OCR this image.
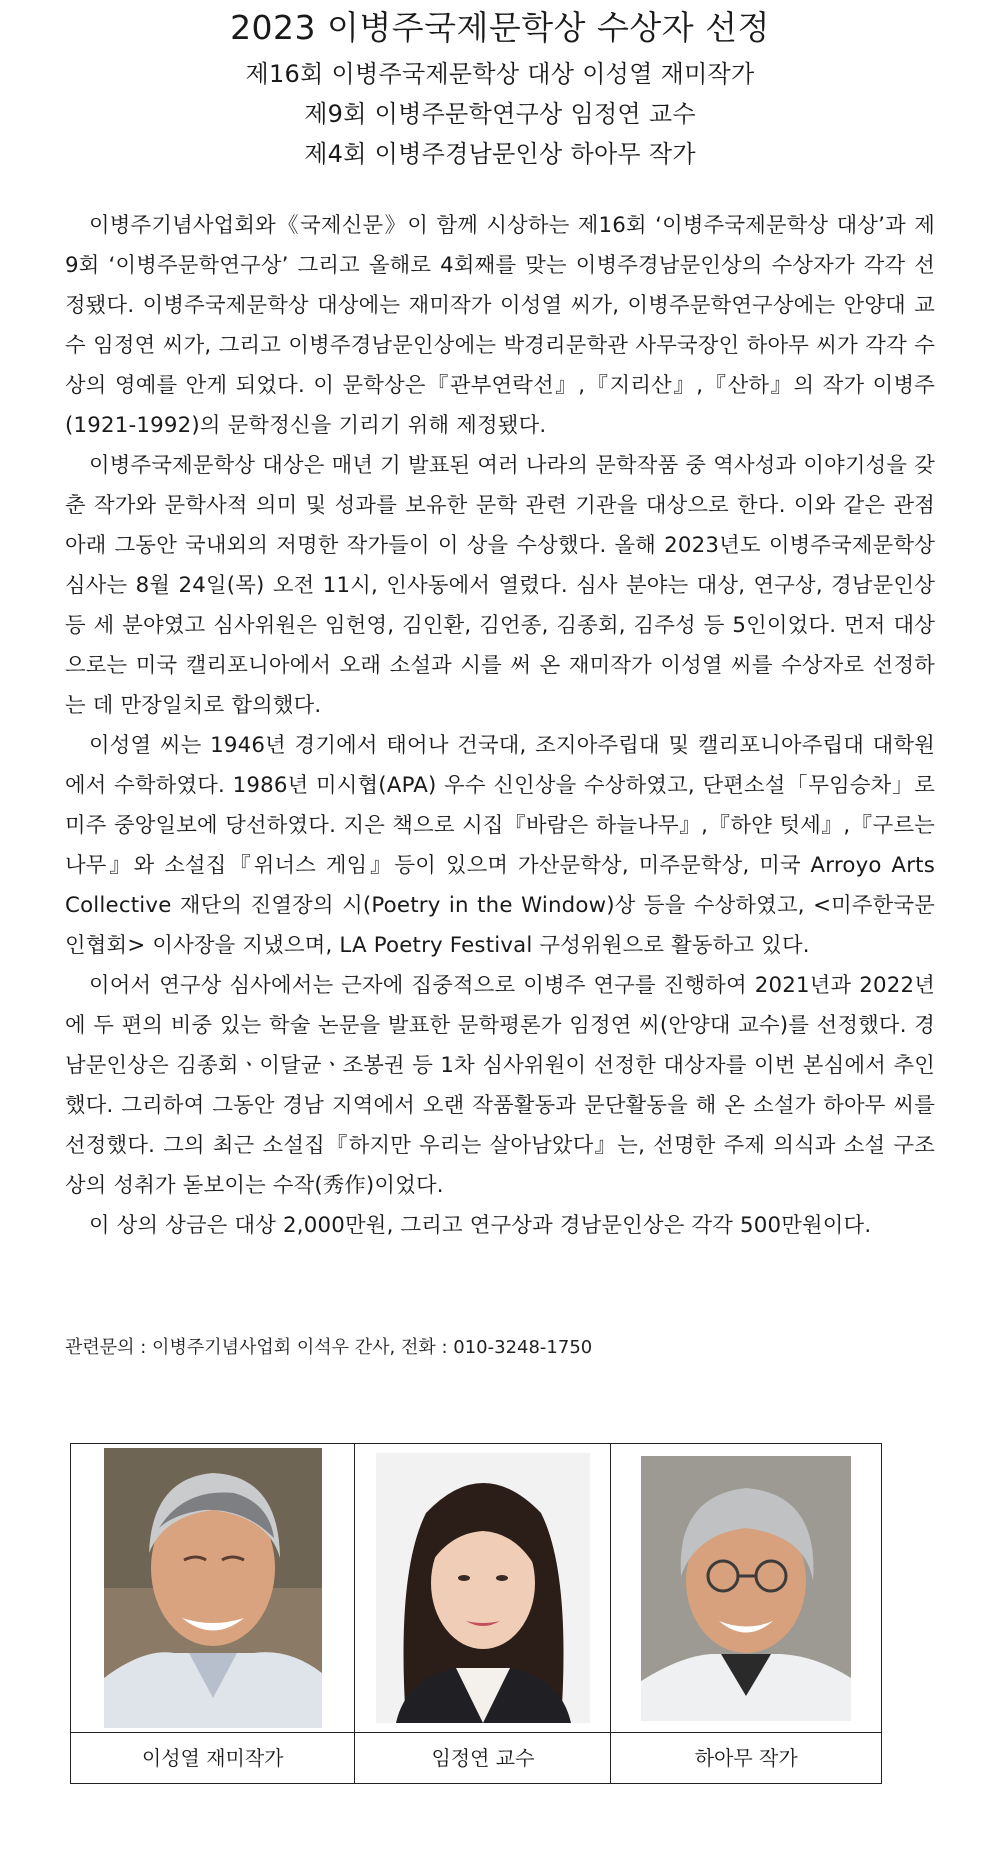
2023 이병주국제문학상 수상자 선정
제16회 이병주국제문학상 대상 이성열 재미작가
제9회 이병주문학연구상 임정연 교수
제4회 이병주경남문인상 하아무 작가

이병주기념사업회와《국제신문》이 함께 시상하는 제16회 ‘이병주국제문학상 대상’과 제9회 ‘이병주문학연구상’ 그리고 올해로 4회째를 맞는 이병주경남문인상의 수상자가 각각 선정됐다. 이병주국제문학상 대상에는 재미작가 이성열 씨가, 이병주문학연구상에는 안양대 교수 임정연 씨가, 그리고 이병주경남문인상에는 박경리문학관 사무국장인 하아무 씨가 각각 수상의 영예를 안게 되었다. 이 문학상은『관부연락선』,『지리산』,『산하』의 작가 이병주(1921-1992)의 문학정신을 기리기 위해 제정됐다.

이병주국제문학상 대상은 매년 기 발표된 여러 나라의 문학작품 중 역사성과 이야기성을 갖춘 작가와 문학사적 의미 및 성과를 보유한 문학 관련 기관을 대상으로 한다. 이와 같은 관점 아래 그동안 국내외의 저명한 작가들이 이 상을 수상했다. 올해 2023년도 이병주국제문학상 심사는 8월 24일(목) 오전 11시, 인사동에서 열렸다. 심사 분야는 대상, 연구상, 경남문인상 등 세 분야였고 심사위원은 임헌영, 김인환, 김언종, 김종회, 김주성 등 5인이었다. 먼저 대상으로는 미국 캘리포니아에서 오래 소설과 시를 써 온 재미작가 이성열 씨를 수상자로 선정하는 데 만장일치로 합의했다.

이성열 씨는 1946년 경기에서 태어나 건국대, 조지아주립대 및 캘리포니아주립대 대학원에서 수학하였다. 1986년 미시협(APA) 우수 신인상을 수상하였고, 단편소설「무임승차」로 미주 중앙일보에 당선하였다. 지은 책으로 시집『바람은 하늘나무』,『하얀 텃세』,『구르는 나무』와 소설집『위너스 게임』등이 있으며 가산문학상, 미주문학상, 미국 Arroyo Arts Collective 재단의 진열장의 시(Poetry in the Window)상 등을 수상하였고, <미주한국문인협회> 이사장을 지냈으며, LA Poetry Festival 구성위원으로 활동하고 있다.

이어서 연구상 심사에서는 근자에 집중적으로 이병주 연구를 진행하여 2021년과 2022년에 두 편의 비중 있는 학술 논문을 발표한 문학평론가 임정연 씨(안양대 교수)를 선정했다. 경남문인상은 김종회ㆍ이달균ㆍ조봉권 등 1차 심사위원이 선정한 대상자를 이번 본심에서 추인했다. 그리하여 그동안 경남 지역에서 오랜 작품활동과 문단활동을 해 온 소설가 하아무 씨를 선정했다. 그의 최근 소설집『하지만 우리는 살아남았다』는, 선명한 주제 의식과 소설 구조상의 성취가 돋보이는 수작(秀作)이었다.

이 상의 상금은 대상 2,000만원, 그리고 연구상과 경남문인상은 각각 500만원이다.

관련문의 : 이병주기념사업회 이석우 간사, 전화 : 010-3248-1750

이성열 재미작가	임정연 교수	하아무 작가
